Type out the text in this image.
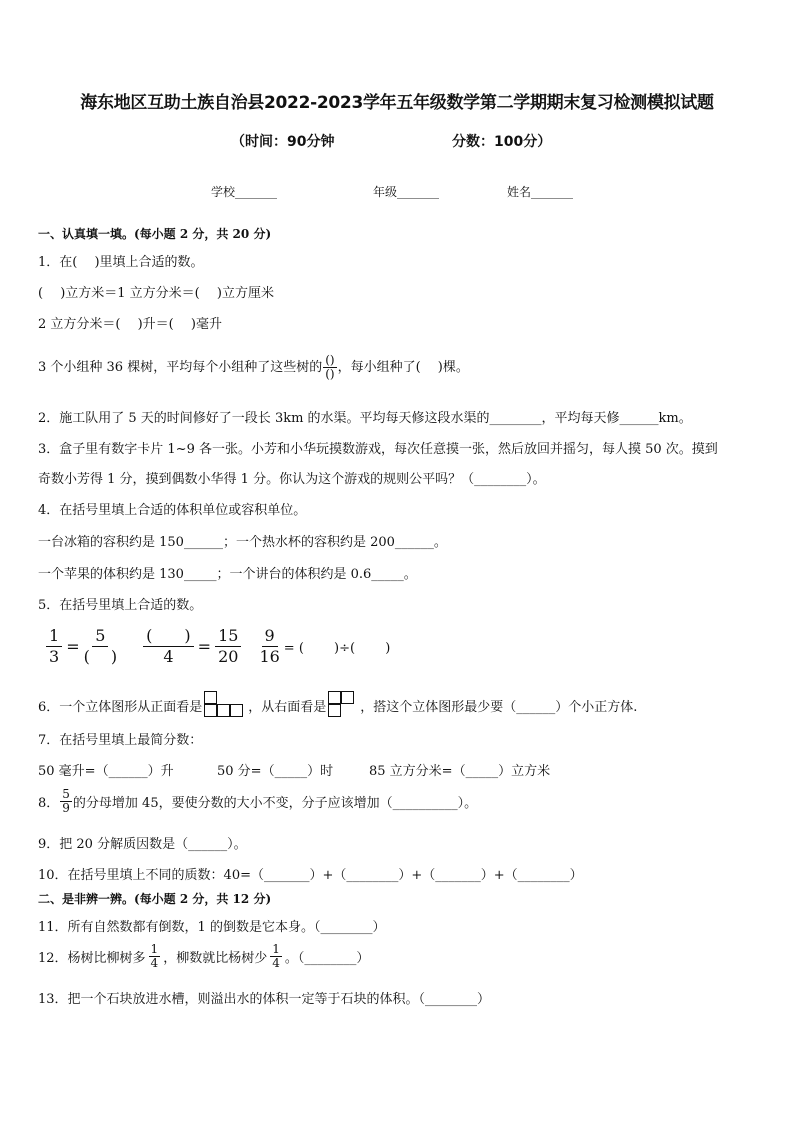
海东地区互助土族自治县2022-2023学年五年级数学第二学期期末复习检测模拟试题
（时间：90分钟	分数：100分）
学校_______	年级_______	姓名_______
一、认真填一填。(每小题 2 分，共 20 分)
1．在(　 )里填上合适的数。
(　 )立方米＝1 立方分米＝(　 )立方厘米
2 立方分米＝(　 )升＝(　 )毫升
3 个小组种 36 棵树，平均每个小组种了这些树的 $\frac{()}{()}$ ，每小组种了(　 )棵。
2．施工队用了 5 天的时间修好了一段长 3km 的水渠。平均每天修这段水渠的________，平均每天修______km。
3．盒子里有数字卡片 1~9 各一张。小芳和小华玩摸数游戏，每次任意摸一张，然后放回并摇匀，每人摸 50 次。摸到
奇数小芳得 1 分，摸到偶数小华得 1 分。你认为这个游戏的规则公平吗？（________）。
4．在括号里填上合适的体积单位或容积单位。
一台冰箱的容积约是 150______；一个热水杯的容积约是 200______。
一个苹果的体积约是 130_____；一个讲台的体积约是 0.6_____。
5．在括号里填上合适的数。
$\frac{1}{3}$ =
5
(　 )
(　　)
4
= $\frac{15}{20} \frac{9}{16}$ = (　　 )÷(　　 )
6．一个立体图形从正面看是	，从右面看是	，搭这个立体图形最少要（______）个小正方体.
7．在括号里填上最简分数：
50 毫升=（______）升	50 分=（_____）时	85 立方分米=（_____）立方米
8． $\frac{5}{9}$ 的分母增加 45，要使分数的大小不变，分子应该增加（__________）。
9．把 20 分解质因数是（______）。
10．在括号里填上不同的质数：40=（_______）+（________）+（_______）+（________）
二、是非辨一辨。(每小题 2 分，共 12 分)
11．所有自然数都有倒数，1 的倒数是它本身。（________）
12．杨树比柳树多 $\frac{1}{4}$ ，柳数就比杨树少 $\frac{1}{4}$ 。（________）
13．把一个石块放进水槽，则溢出水的体积一定等于石块的体积。（________）
